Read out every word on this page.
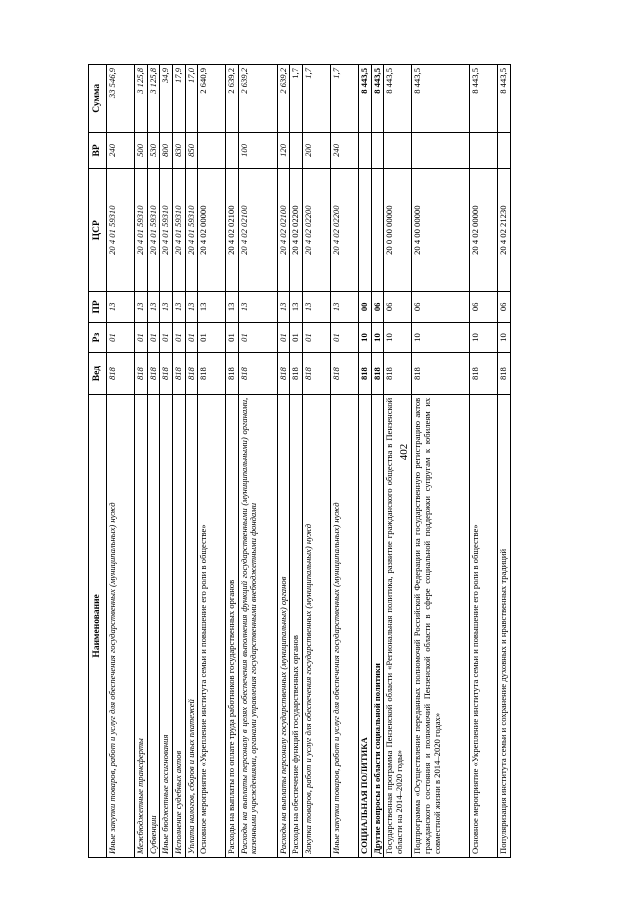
402
Наименование	Вед	Рз	ПР	ЦСР	ВР	Сумма
Иные закупки товаров, работ и услуг для обеспечения государственных (муниципальных) нужд	818	01	13	20 4 01 59310	240	33 546,9
Межбюджетные трансферты	818	01	13	20 4 01 59310	500	3 125,8
Субвенции	818	01	13	20 4 01 59310	530	3 125,8
Иные бюджетные ассигнования	818	01	13	20 4 01 59310	800	34,9
Исполнение судебных актов	818	01	13	20 4 01 59310	830	17,9
Уплата налогов, сборов и иных платежей	818	01	13	20 4 01 59310	850	17,0
Основное мероприятие «Укрепление института семьи и повышение его роли в обществе»	818	01	13	20 4 02 00000		2 640,9
Расходы на выплаты по оплате труда работников государственных органов	818	01	13	20 4 02 02100		2 639,2
Расходы на выплаты персоналу в целях обеспечения выполнения функций государственными (муниципальными) органами, казенными учреждениями, органами управления государственными внебюджетными фондами	818	01	13	20 4 02 02100	100	2 639,2
Расходы на выплаты персоналу государственных (муниципальных) органов	818	01	13	20 4 02 02100	120	2 639,2
Расходы на обеспечение функций государственных органов	818	01	13	20 4 02 02200		1,7
Закупка товаров, работ и услуг для обеспечения государственных (муниципальных) нужд	818	01	13	20 4 02 02200	200	1,7
Иные закупки товаров, работ и услуг для обеспечения государственных (муниципальных) нужд	818	01	13	20 4 02 02200	240	1,7
СОЦИАЛЬНАЯ ПОЛИТИКА	818	10	00			8 443,5
Другие вопросы в области социальной политики	818	10	06			8 443,5
Государственная программа Пензенской области «Региональная политика, развитие гражданского общества в Пензенской области на 2014–2020 годы»	818	10	06	20 0 00 00000		8 443,5
Подпрограмма «Осуществление переданных полномочий Российской Федерации на государственную регистрацию актов гражданского состояния и полномочий Пензенской области в сфере социальной поддержки супругам к юбилеям их совместной жизни в 2014–2020 годах»	818	10	06	20 4 00 00000		8 443,5
Основное мероприятие «Укрепление института семьи и повышение его роли в обществе»	818	10	06	20 4 02 00000		8 443,5
Популяризация института семьи и сохранение духовных и нравственных традиций	818	10	06	20 4 02 21230		8 443,5
